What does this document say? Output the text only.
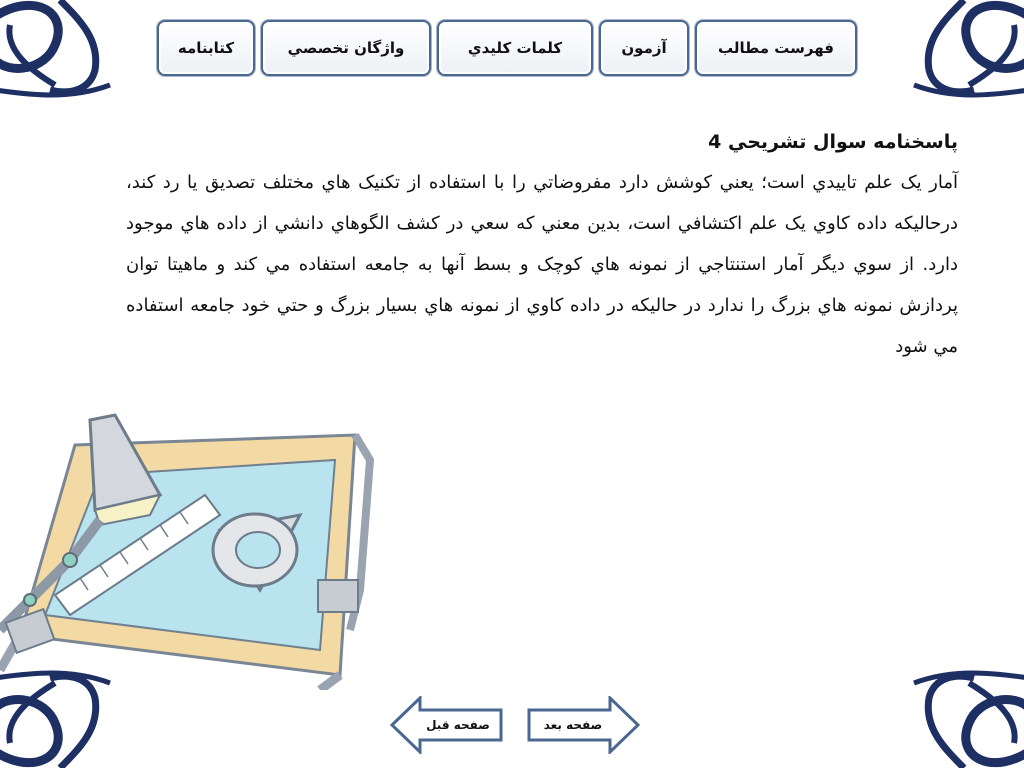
کتابنامه	واژگان تخصصي	کلمات کليدي	آزمون	فهرست مطالب
پاسخنامه سوال تشريحي 4

آمار یک علم تاييدي است؛ يعني كوشش دارد مفروضاتي را با استفاده از تكنيک هاي مختلف تصديق يا رد كند، درحاليكه داده كاوي يک علم اكتشافي است، بدين معني كه سعي در كشف الگوهاي دانشي از داده هاي موجود دارد. از سوي ديگر آمار استنتاجي از نمونه هاي كوچک و بسط آنها به جامعه استفاده مي كند و ماهيتا توان پردازش نمونه هاي بزرگ را ندارد در حاليكه در داده كاوي از نمونه هاي بسيار بزرگ و حتي خود جامعه استفاده مي شود

صفحه قبل	صفحه بعد
